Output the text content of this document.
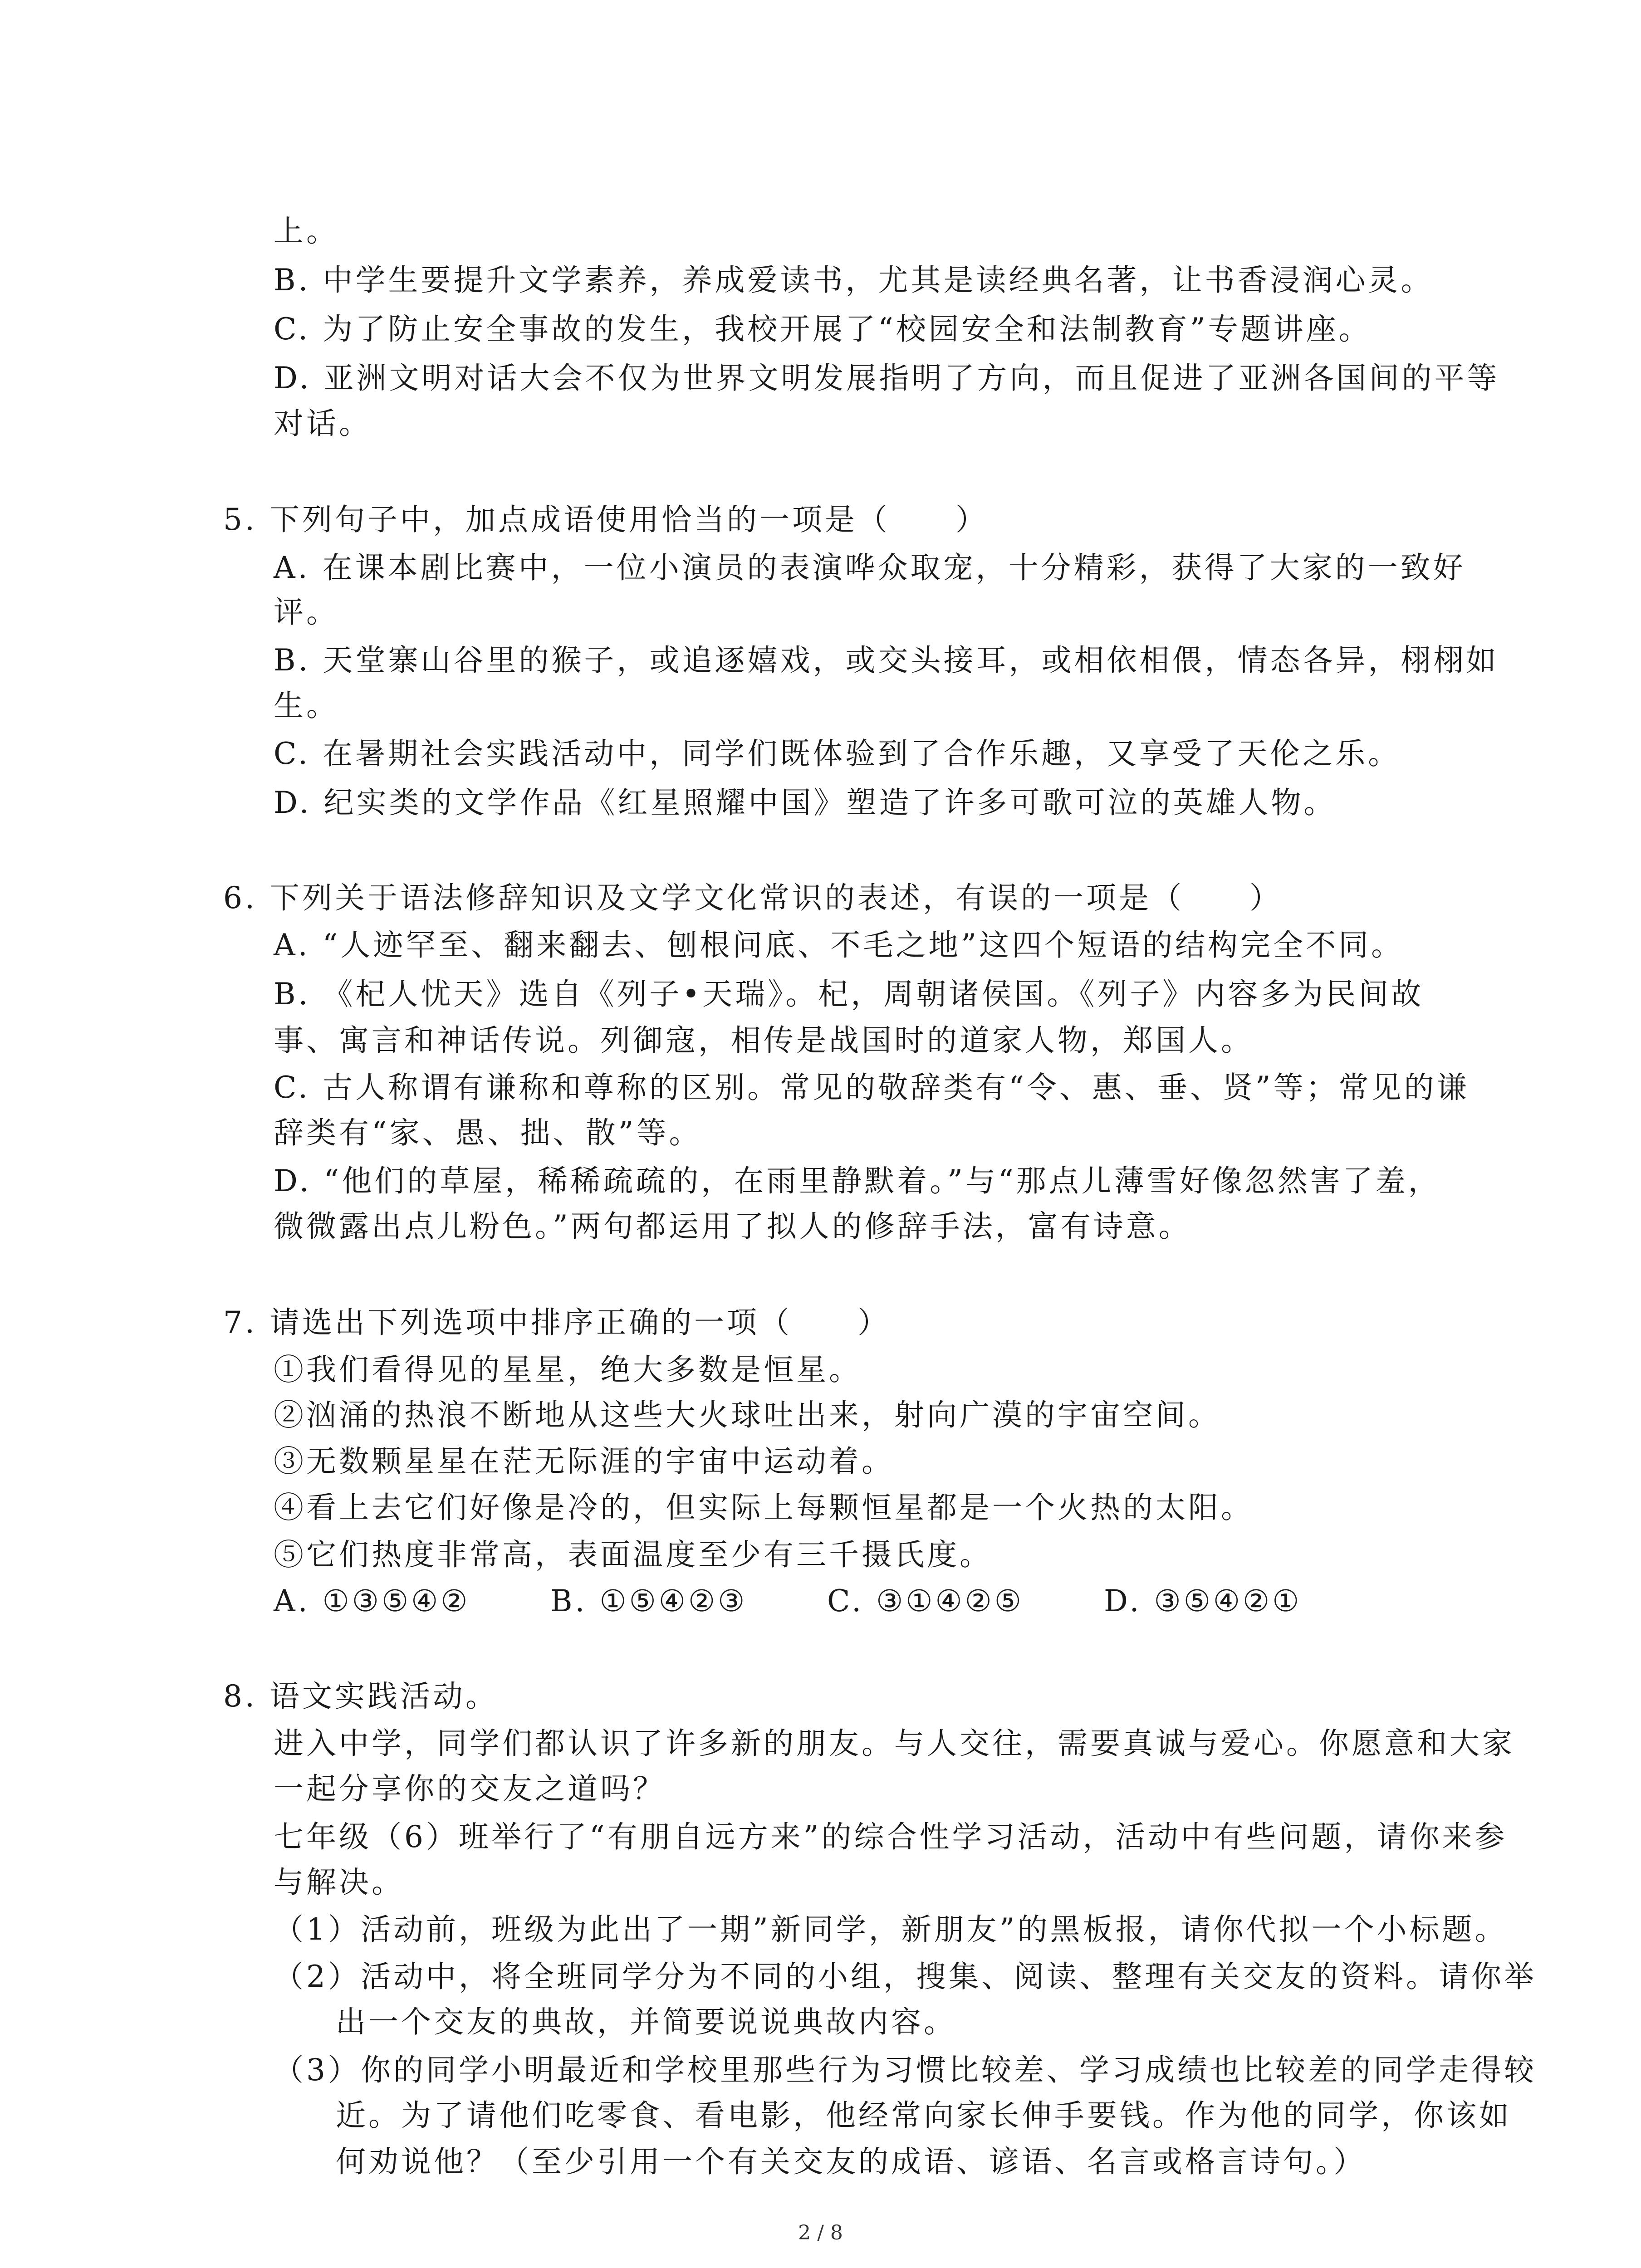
上。
B. 中学生要提升文学素养，养成爱读书，尤其是读经典名著，让书香浸润心灵。
C. 为了防止安全事故的发生，我校开展了“校园安全和法制教育”专题讲座。
D. 亚洲文明对话大会不仅为世界文明发展指明了方向，而且促进了亚洲各国间的平等
对话。
5. 下列句子中，加点成语使用恰当的一项是（　　）
A. 在课本剧比赛中，一位小演员的表演哗众取宠，十分精彩，获得了大家的一致好
评。
B. 天堂寨山谷里的猴子，或追逐嬉戏，或交头接耳，或相依相偎，情态各异，栩栩如
生。
C. 在暑期社会实践活动中，同学们既体验到了合作乐趣，又享受了天伦之乐。
D. 纪实类的文学作品《红星照耀中国》塑造了许多可歌可泣的英雄人物。
6. 下列关于语法修辞知识及文学文化常识的表述，有误的一项是（　　）
A. “人迹罕至、翻来翻去、刨根问底、不毛之地”这四个短语的结构完全不同。
B. 《杞人忧天》选自《列子•天瑞》。杞，周朝诸侯国。《列子》内容多为民间故
事、寓言和神话传说。列御寇，相传是战国时的道家人物，郑国人。
C. 古人称谓有谦称和尊称的区别。常见的敬辞类有“令、惠、垂、贤”等；常见的谦
辞类有“家、愚、拙、散”等。
D. “他们的草屋，稀稀疏疏的，在雨里静默着。”与“那点儿薄雪好像忽然害了羞，
微微露出点儿粉色。”两句都运用了拟人的修辞手法，富有诗意。
7. 请选出下列选项中排序正确的一项（　　）
①我们看得见的星星，绝大多数是恒星。
②汹涌的热浪不断地从这些大火球吐出来，射向广漠的宇宙空间。
③无数颗星星在茫无际涯的宇宙中运动着。
④看上去它们好像是冷的，但实际上每颗恒星都是一个火热的太阳。
⑤它们热度非常高，表面温度至少有三千摄氏度。
A. ①③⑤④②	B. ①⑤④②③	C. ③①④②⑤	D. ③⑤④②①
8. 语文实践活动。
进入中学，同学们都认识了许多新的朋友。与人交往，需要真诚与爱心。你愿意和大家
一起分享你的交友之道吗？
七年级（6）班举行了“有朋自远方来”的综合性学习活动，活动中有些问题，请你来参
与解决。
（1）活动前，班级为此出了一期”新同学，新朋友”的黑板报，请你代拟一个小标题。
（2）活动中，将全班同学分为不同的小组，搜集、阅读、整理有关交友的资料。请你举
出一个交友的典故，并简要说说典故内容。
（3）你的同学小明最近和学校里那些行为习惯比较差、学习成绩也比较差的同学走得较
近。为了请他们吃零食、看电影，他经常向家长伸手要钱。作为他的同学，你该如
何劝说他？（至少引用一个有关交友的成语、谚语、名言或格言诗句。）
2 / 8
